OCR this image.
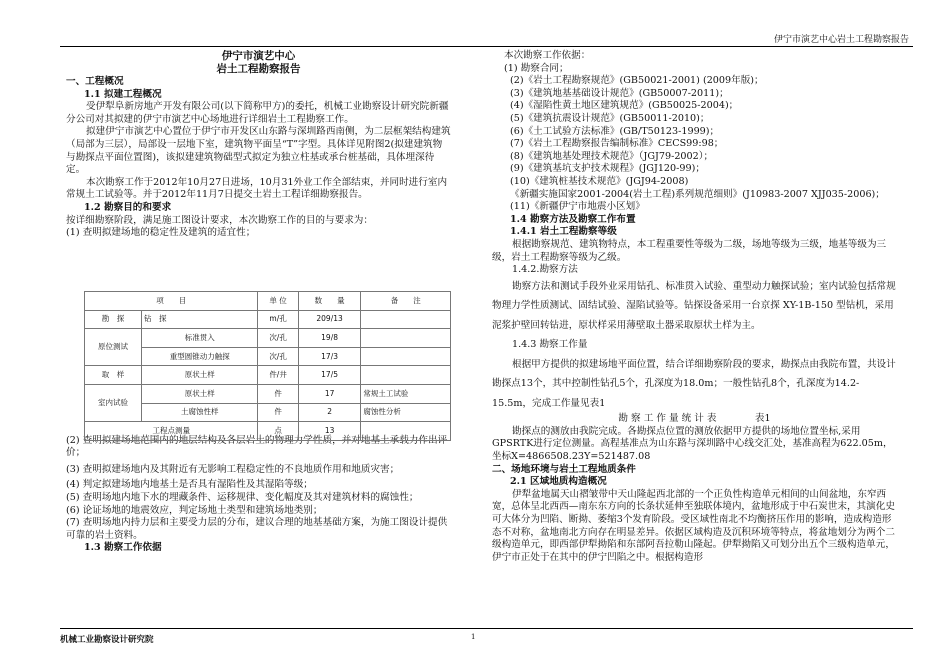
伊宁市演艺中心岩土工程勘察报告

伊宁市演艺中心

岩土工程勘察报告

一、工程概况

1.1 拟建工程概况

受伊犁阜新房地产开发有限公司(以下简称甲方)的委托，机械工业勘察设计研究院新疆分公司对其拟建的伊宁市演艺中心场地进行详细岩土工程勘察工作。

拟建伊宁市演艺中心置位于伊宁市开发区山东路与深圳路西南侧，为二层框架结构建筑（局部为三层），局部设一层地下室，建筑物平面呈“T”字型。具体详见附图2(拟建建筑物与勘探点平面位置图)，该拟建建筑物础型式拟定为独立柱基或承台桩基础，具体埋深待定。

本次勘察工作于2012年10月27日进场，10月31外业工作全部结束，并同时进行室内常规土工试验等。并于2012年11月7日提交土岩土工程详细勘察报告。

1.2 勘察目的和要求

按详细勘察阶段，满足施工图设计要求，本次勘察工作的目的与要求为：

(1) 查明拟建场地的稳定性及建筑的适宜性；

(2) 查明拟建场地范围内的地层结构及各层岩土的物理力学性质，并对地基土承载力作出评价；

(3) 查明拟建场地内及其附近有无影响工程稳定性的不良地质作用和地质灾害；

(4) 判定拟建场地内地基土是否具有湿陷性及其湿陷等级；

(5) 查明场地内地下水的埋藏条件、运移规律、变化幅度及其对建筑材料的腐蚀性；

(6) 论证场地的地震效应，判定场地土类型和建筑场地类别；

(7) 查明场地内持力层和主要受力层的分布，建议合理的地基基础方案，为施工图设计提供可靠的岩土资料。

1.3 勘察工作依据

项　　目		单 位	数　　量	备　　注
勘　探	钻　探	m/孔	209/13	
原位测试	标准贯入	次/孔	19/8	
	重型圆锥动力触探	次/孔	17/3	
取　样	原状土样	件/井	17/5	
室内试验	原状土样	件	17	常规土工试验
	土腐蚀性样	件	2	腐蚀性分析
工程点测量		点	13	

本次勘察工作依据：

(1) 勘察合同；

(2)《岩土工程勘察规范》(GB50021-2001) (2009年版)；

(3)《建筑地基基础设计规范》(GB50007-2011)；

(4)《湿陷性黄土地区建筑规范》(GB50025-2004)；

(5)《建筑抗震设计规范》(GB50011-2010)；

(6)《土工试验方法标准》(GB/T50123-1999)；

(7)《岩土工程勘察报告编制标准》CECS99:98；

(8)《建筑地基处理技术规范》（JGJ79-2002）；

(9)《建筑基坑支护技术规程》(JGJ120-99)；

(10)《建筑桩基技术规范》(JGJ94-2008)

《新疆实施国家2001-2004(岩土工程)系列规范细则》(J10983-2007 XJJ035-2006)；

(11)《新疆伊宁市地震小区划》

1.4 勘察方法及勘察工作布置

1.4.1 岩土工程勘察等级

根据勘察规范、建筑物特点，本工程重要性等级为二级，场地等级为三级，地基等级为三级，岩土工程勘察等级为乙级。

1.4.2.勘察方法

勘察方法和测试手段外业采用钻孔、标准贯入试验、重型动力触探试验；室内试验包括常规物理力学性质测试、固结试验、湿陷试验等。钻探设备采用一台京探 XY-1B-150 型钻机，采用泥浆护壁回转钻进，原状样采用薄壁取土器采取原状土样为主。

1.4.3 勘察工作量

根据甲方提供的拟建场地平面位置，结合详细勘察阶段的要求，勘探点由我院布置，共设计勘探点13个，其中控制性钻孔5个，孔深度为18.0m；一般性钻孔8个，孔深度为14.2-15.5m，完成工作量见表1

勘 察 工 作 量 统 计 表　　　　表1

勘探点的测放由我院完成。各勘探点位置的测放依据甲方提供的场地位置坐标,采用GPSRTK进行定位测量。高程基准点为山东路与深圳路中心线交汇处，基准高程为622.05m，坐标X=4866508.23Y=521487.08

二、场地环境与岩土工程地质条件

2.1 区域地质构造概况

伊犁盆地属天山褶皱带中天山隆起西北部的一个正负性构造单元相间的山间盆地，东窄西宽，总体呈北西西—南东东方向的长条状延伸至独联体境内，盆地形成于中石炭世末，其演化史可大体分为凹陷、断拗、萎缩3个发育阶段。受区域性南北不均衡挤压作用的影响，造成构造形态不对称，盆地南北方向存在明显差异。依据区域构造及沉积环境等特点，将盆地划分为两个二级构造单元，即西部伊犁拗陷和东部阿吾拉勒山隆起。伊犁拗陷又可划分出五个三级构造单元，伊宁市正处于在其中的伊宁凹陷之中。根据构造形

机械工业勘察设计研究院	1
